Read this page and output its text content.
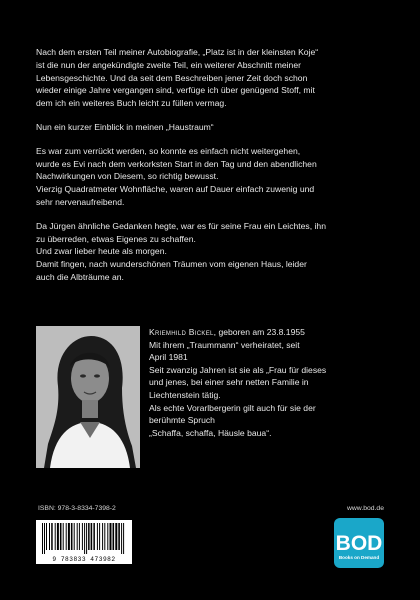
Nach dem ersten Teil meiner Autobiografie, „Platz ist in der kleinsten Koje“
ist die nun der angekündigte zweite Teil, ein weiterer Abschnitt meiner
Lebensgeschichte. Und da seit dem Beschreiben jener Zeit doch schon
wieder einige Jahre vergangen sind, verfüge ich über genügend Stoff, mit
dem ich ein weiteres Buch leicht zu füllen vermag.

Nun ein kurzer Einblick in meinen „Haustraum“

Es war zum verrückt werden, so konnte es einfach nicht weitergehen,
wurde es Evi nach dem verkorksten Start in den Tag und den abendlichen
Nachwirkungen von Diesem, so richtig bewusst.
Vierzig Quadratmeter Wohnfläche, waren auf Dauer einfach zuwenig und
sehr nervenaufreibend.

Da Jürgen ähnliche Gedanken hegte, war es für seine Frau ein Leichtes, ihn
zu überreden, etwas Eigenes zu schaffen.
Und zwar lieber heute als morgen.
Damit fingen, nach wunderschönen Träumen vom eigenen Haus, leider
auch die Albträume an.

Kriemhild Bickel, geboren am 23.8.1955
Mit ihrem „Traummann“ verheiratet, seit
April 1981
Seit zwanzig Jahren ist sie als „Frau für dieses
und jenes, bei einer sehr netten Familie in
Liechtenstein tätig.
Als echte Vorarlbergerin gilt auch für sie der
berühmte Spruch
„Schaffa, schaffa, Häusle baua“.
ISBN: 978-3-8334-7398-2	www.bod.de
9 783833 473982
BOD
Books on Demand
